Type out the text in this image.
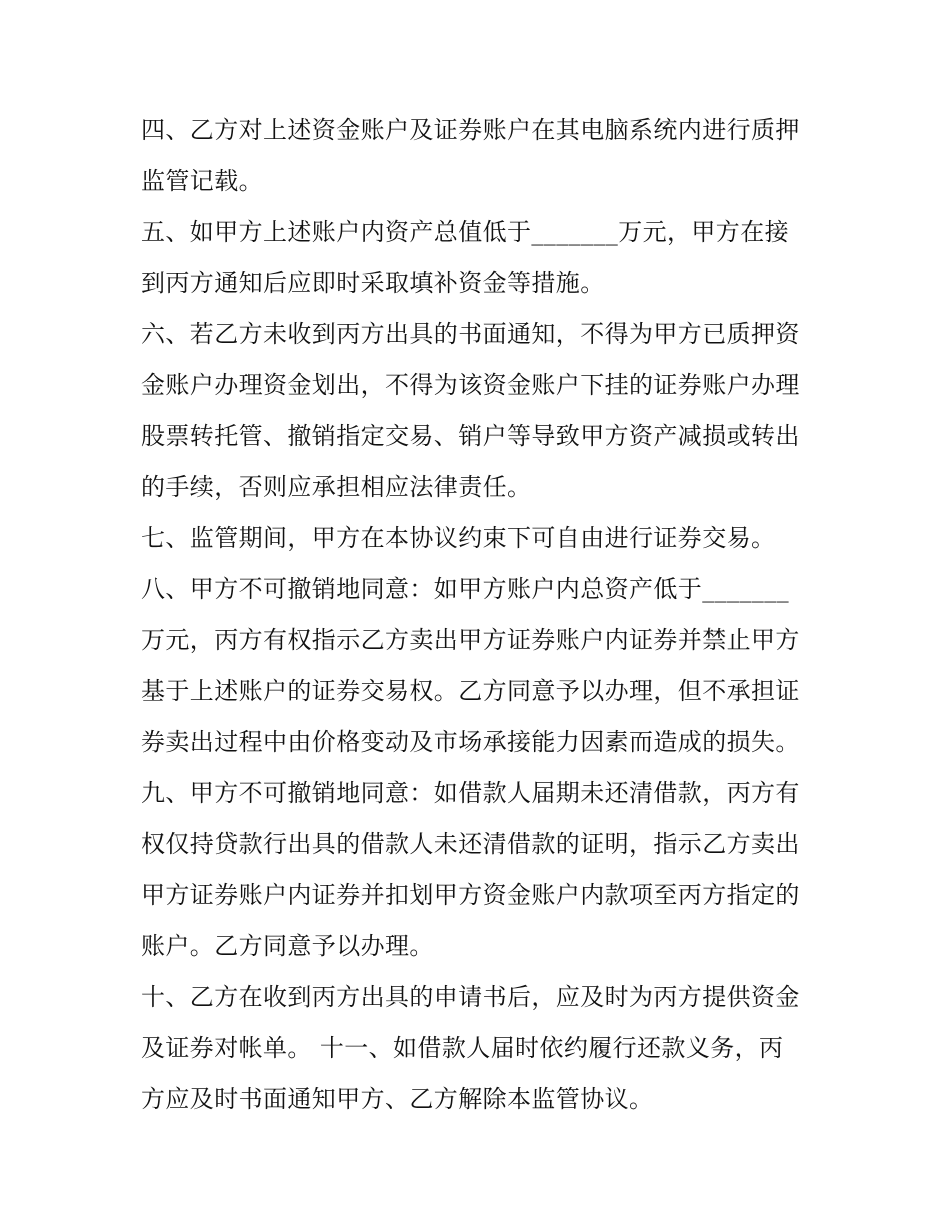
四、乙方对上述资金账户及证券账户在其电脑系统内进行质押
监管记载。
五、如甲方上述账户内资产总值低于_______万元，甲方在接
到丙方通知后应即时采取填补资金等措施。
六、若乙方未收到丙方出具的书面通知，不得为甲方已质押资
金账户办理资金划出，不得为该资金账户下挂的证券账户办理
股票转托管、撤销指定交易、销户等导致甲方资产减损或转出
的手续，否则应承担相应法律责任。
七、监管期间，甲方在本协议约束下可自由进行证券交易。
八、甲方不可撤销地同意：如甲方账户内总资产低于_______
万元，丙方有权指示乙方卖出甲方证券账户内证券并禁止甲方
基于上述账户的证券交易权。乙方同意予以办理，但不承担证
券卖出过程中由价格变动及市场承接能力因素而造成的损失。
九、甲方不可撤销地同意：如借款人届期未还清借款，丙方有
权仅持贷款行出具的借款人未还清借款的证明，指示乙方卖出
甲方证券账户内证券并扣划甲方资金账户内款项至丙方指定的
账户。乙方同意予以办理。
十、乙方在收到丙方出具的申请书后，应及时为丙方提供资金
及证券对帐单。 十一、如借款人届时依约履行还款义务，丙
方应及时书面通知甲方、乙方解除本监管协议。
